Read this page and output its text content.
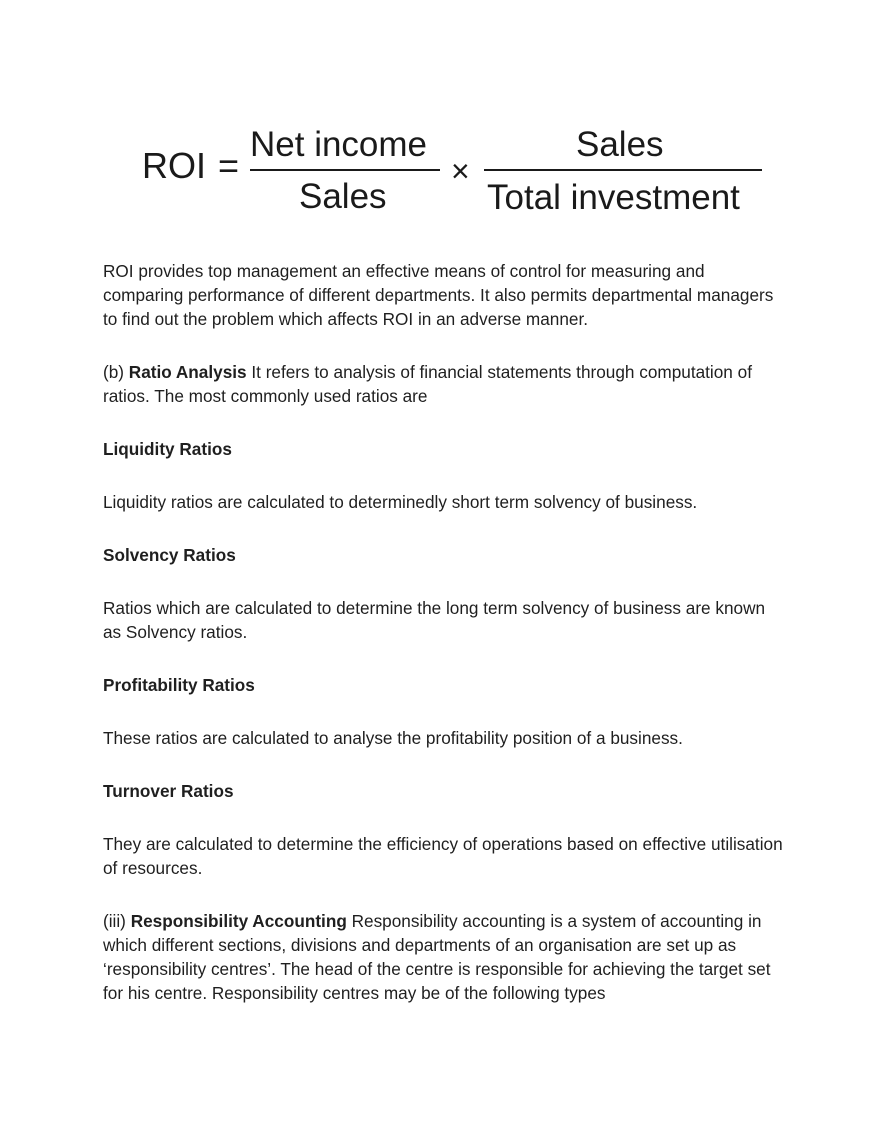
ROI =
Net income
Sales
×
Sales
Total investment

ROI provides top management an effective means of control for measuring and comparing performance of different departments. It also permits departmental managers to find out the problem which affects ROI in an adverse manner.

(b) Ratio Analysis It refers to analysis of financial statements through computation of ratios. The most commonly used ratios are

Liquidity Ratios

Liquidity ratios are calculated to determinedly short term solvency of business.

Solvency Ratios

Ratios which are calculated to determine the long term solvency of business are known as Solvency ratios.

Profitability Ratios

These ratios are calculated to analyse the profitability position of a business.

Turnover Ratios

They are calculated to determine the efficiency of operations based on effective utilisation of resources.

(iii) Responsibility Accounting Responsibility accounting is a system of accounting in which different sections, divisions and departments of an organisation are set up as ‘responsibility centres’. The head of the centre is responsible for achieving the target set for his centre. Responsibility centres may be of the following types
